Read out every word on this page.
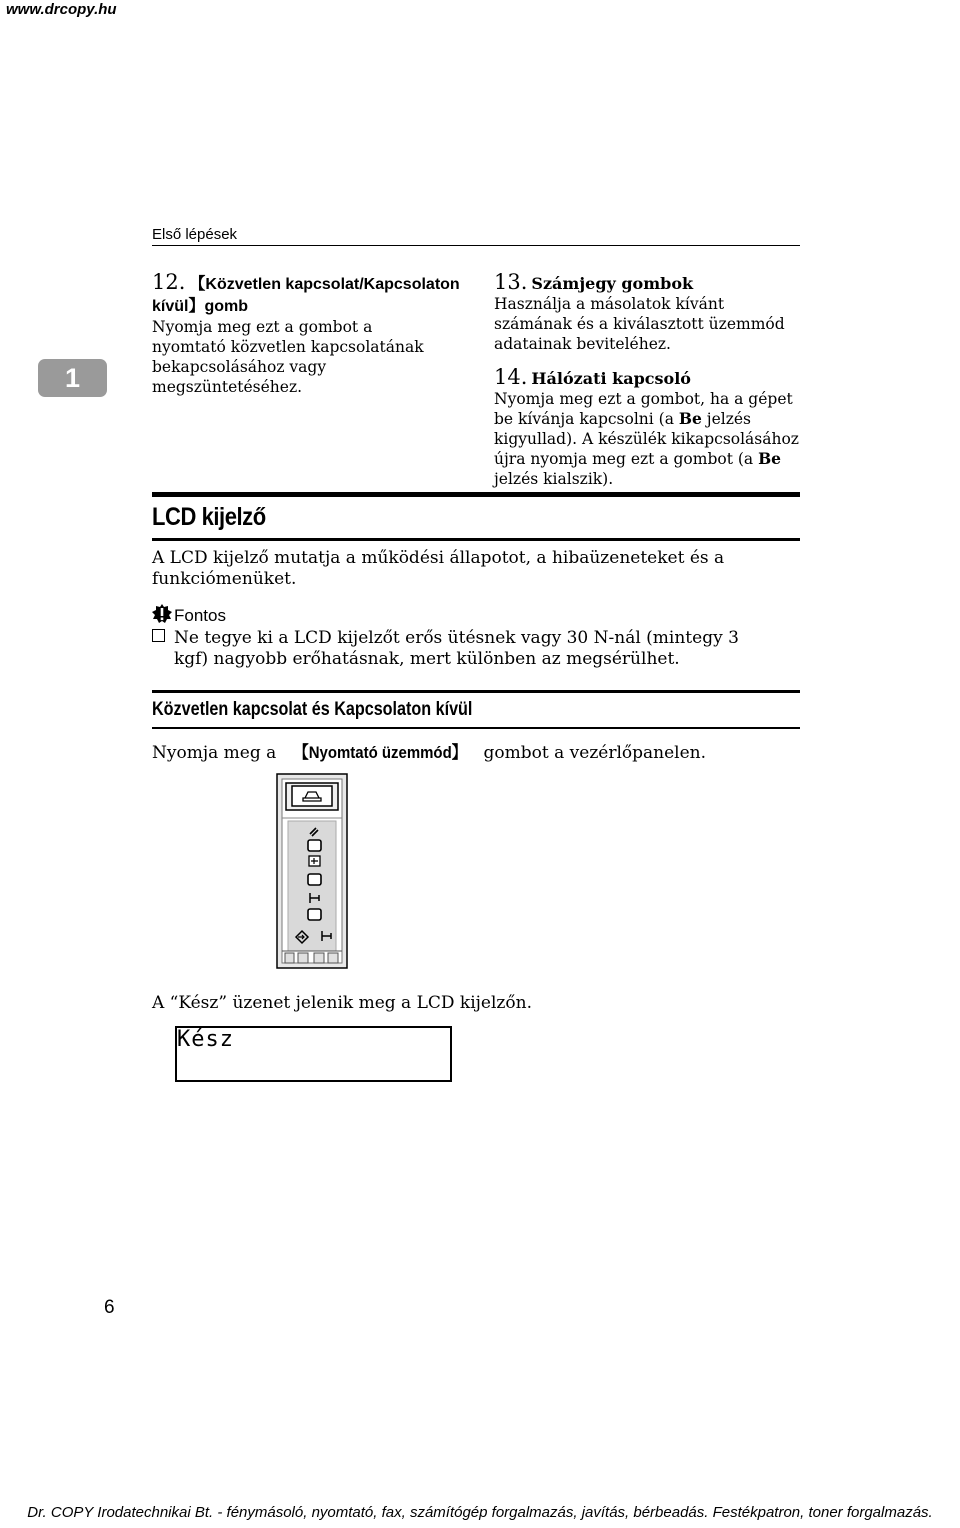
www.drcopy.hu
Első lépések
1
12. 【Közvetlen kapcsolat/Kapcsolaton
kívül】gomb
Nyomja meg ezt a gombot a nyomtató közvetlen kapcsolatának bekapcsolásához vagy megszüntetéséhez.
13. Számjegy gombok
Használja a másolatok kívánt számának és a kiválasztott üzemmód adatainak beviteléhez.
14. Hálózati kapcsoló
Nyomja meg ezt a gombot, ha a gépet be kívánja kapcsolni (a Be jelzés kigyullad). A készülék kikapcsolásához újra nyomja meg ezt a gombot (a Be jelzés kialszik).
LCD kijelző
A LCD kijelző mutatja a működési állapotot, a hibaüzeneteket és a funkciómenüket.
Fontos
Ne tegye ki a LCD kijelzőt erős ütésnek vagy 30 N-nál (mintegy 3 kgf) nagyobb erőhatásnak, mert különben az megsérülhet.
Közvetlen kapcsolat és Kapcsolaton kívül
Nyomja meg a 【Nyomtató üzemmód】 gombot a vezérlőpanelen.
A “Kész” üzenet jelenik meg a LCD kijelzőn.
Kész
6
Dr. COPY Irodatechnikai Bt. - fénymásoló, nyomtató, fax, számítógép forgalmazás, javítás, bérbeadás. Festékpatron, toner forgalmazás.
